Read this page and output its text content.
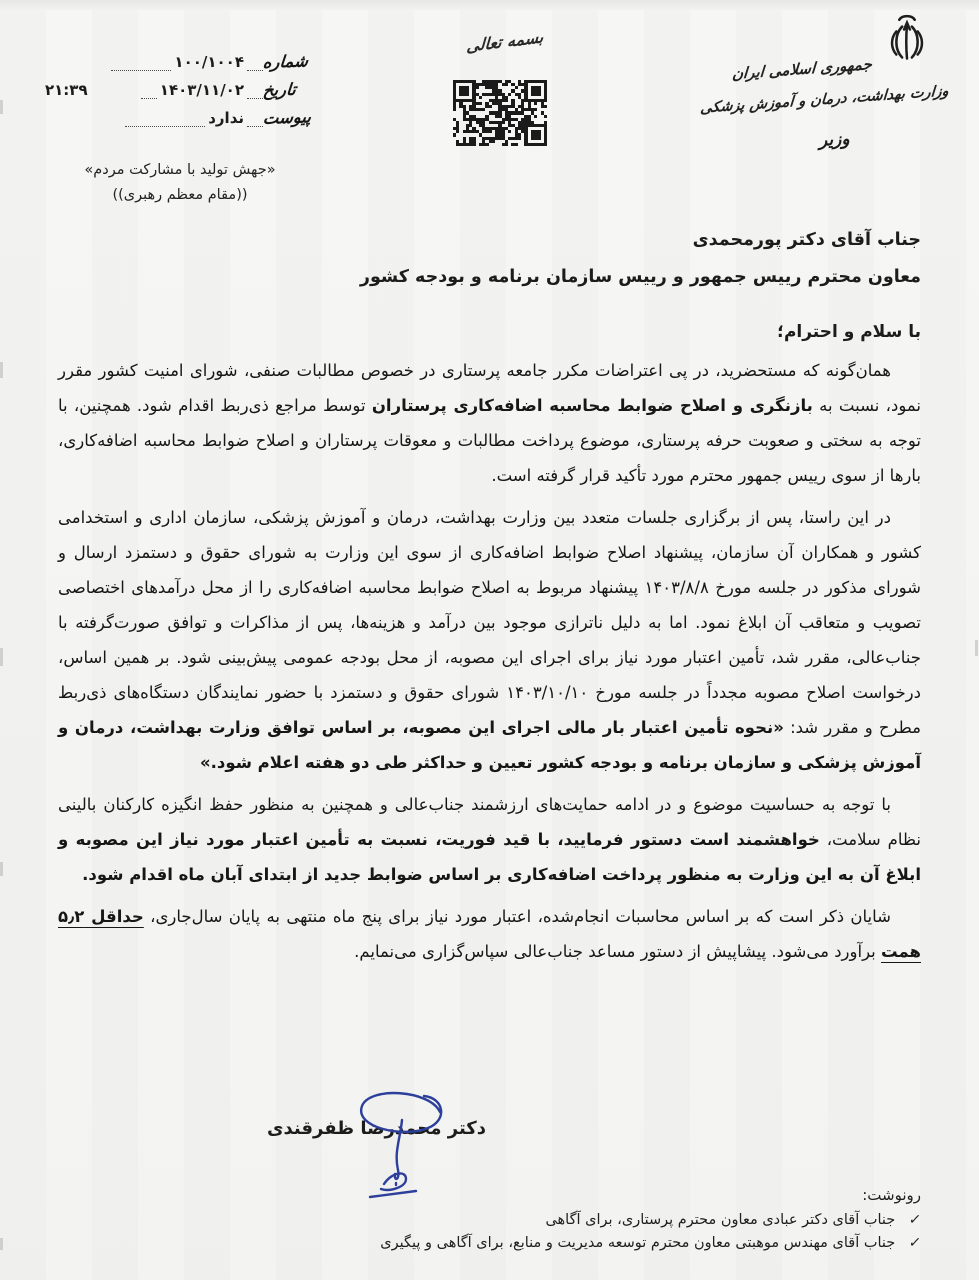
جمهوری اسلامی ایران وزارت بهداشت، درمان و آموزش پزشکی
وزیر
بسمه تعالی
شماره
۱۰۰/۱۰۰۴
تاریخ
۱۴۰۳/۱۱/۰۲
۲۱:۳۹
پیوست
ندارد
«جهش تولید با مشارکت مردم»
((مقام معظم رهبری))
جناب آقای دکتر پورمحمدی
معاون محترم رییس جمهور و رییس سازمان برنامه و بودجه کشور
با سلام و احترام؛

همان‌گونه که مستحضرید، در پی اعتراضات مکرر جامعه پرستاری در خصوص مطالبات صنفی، شورای امنیت کشور مقرر نمود، نسبت به بازنگری و اصلاح ضوابط محاسبه اضافه‌کاری پرستاران توسط مراجع ذی‌ربط اقدام شود. همچنین، با توجه به سختی و صعوبت حرفه پرستاری، موضوع پرداخت مطالبات و معوقات پرستاران و اصلاح ضوابط محاسبه اضافه‌کاری، بارها از سوی رییس جمهور محترم مورد تأکید قرار گرفته است.

در این راستا، پس از برگزاری جلسات متعدد بین وزارت بهداشت، درمان و آموزش پزشکی، سازمان اداری و استخدامی کشور و همکاران آن سازمان، پیشنهاد اصلاح ضوابط اضافه‌کاری از سوی این وزارت به شورای حقوق و دستمزد ارسال و شورای مذکور در جلسه مورخ ۱۴۰۳/۸/۸ پیشنهاد مربوط به اصلاح ضوابط محاسبه اضافه‌کاری را از محل درآمدهای اختصاصی تصویب و متعاقب آن ابلاغ نمود. اما به دلیل ناترازی موجود بین درآمد و هزینه‌ها، پس از مذاکرات و توافق صورت‌گرفته با جناب‌عالی، مقرر شد، تأمین اعتبار مورد نیاز برای اجرای این مصوبه، از محل بودجه عمومی پیش‌بینی شود. بر همین اساس، درخواست اصلاح مصوبه مجدداً در جلسه مورخ ۱۴۰۳/۱۰/۱۰ شورای حقوق و دستمزد با حضور نمایندگان دستگاه‌های ذی‌ربط مطرح و مقرر شد: «نحوه تأمین اعتبار بار مالی اجرای این مصوبه، بر اساس توافق وزارت بهداشت، درمان و آموزش پزشکی و سازمان برنامه و بودجه کشور تعیین و حداکثر طی دو هفته اعلام شود.»

با توجه به حساسیت موضوع و در ادامه حمایت‌های ارزشمند جناب‌عالی و همچنین به منظور حفظ انگیزه کارکنان بالینی نظام سلامت، خواهشمند است دستور فرمایید، با قید فوریت، نسبت به تأمین اعتبار مورد نیاز این مصوبه و ابلاغ آن به این وزارت به منظور پرداخت اضافه‌کاری بر اساس ضوابط جدید از ابتدای آبان ماه اقدام شود.

شایان ذکر است که بر اساس محاسبات انجام‌شده، اعتبار مورد نیاز برای پنج ماه منتهی به پایان سال‌جاری، حداقل ۵٫۲ همت برآورد می‌شود. پیشاپیش از دستور مساعد جناب‌عالی سپاس‌گزاری می‌نمایم.

دکتر محمدرضا ظفرقندی
رونوشت:
✓
جناب آقای دکتر عبادی معاون محترم پرستاری، برای آگاهی
✓
جناب آقای مهندس موهبتی معاون محترم توسعه مدیریت و منابع، برای آگاهی و پیگیری
